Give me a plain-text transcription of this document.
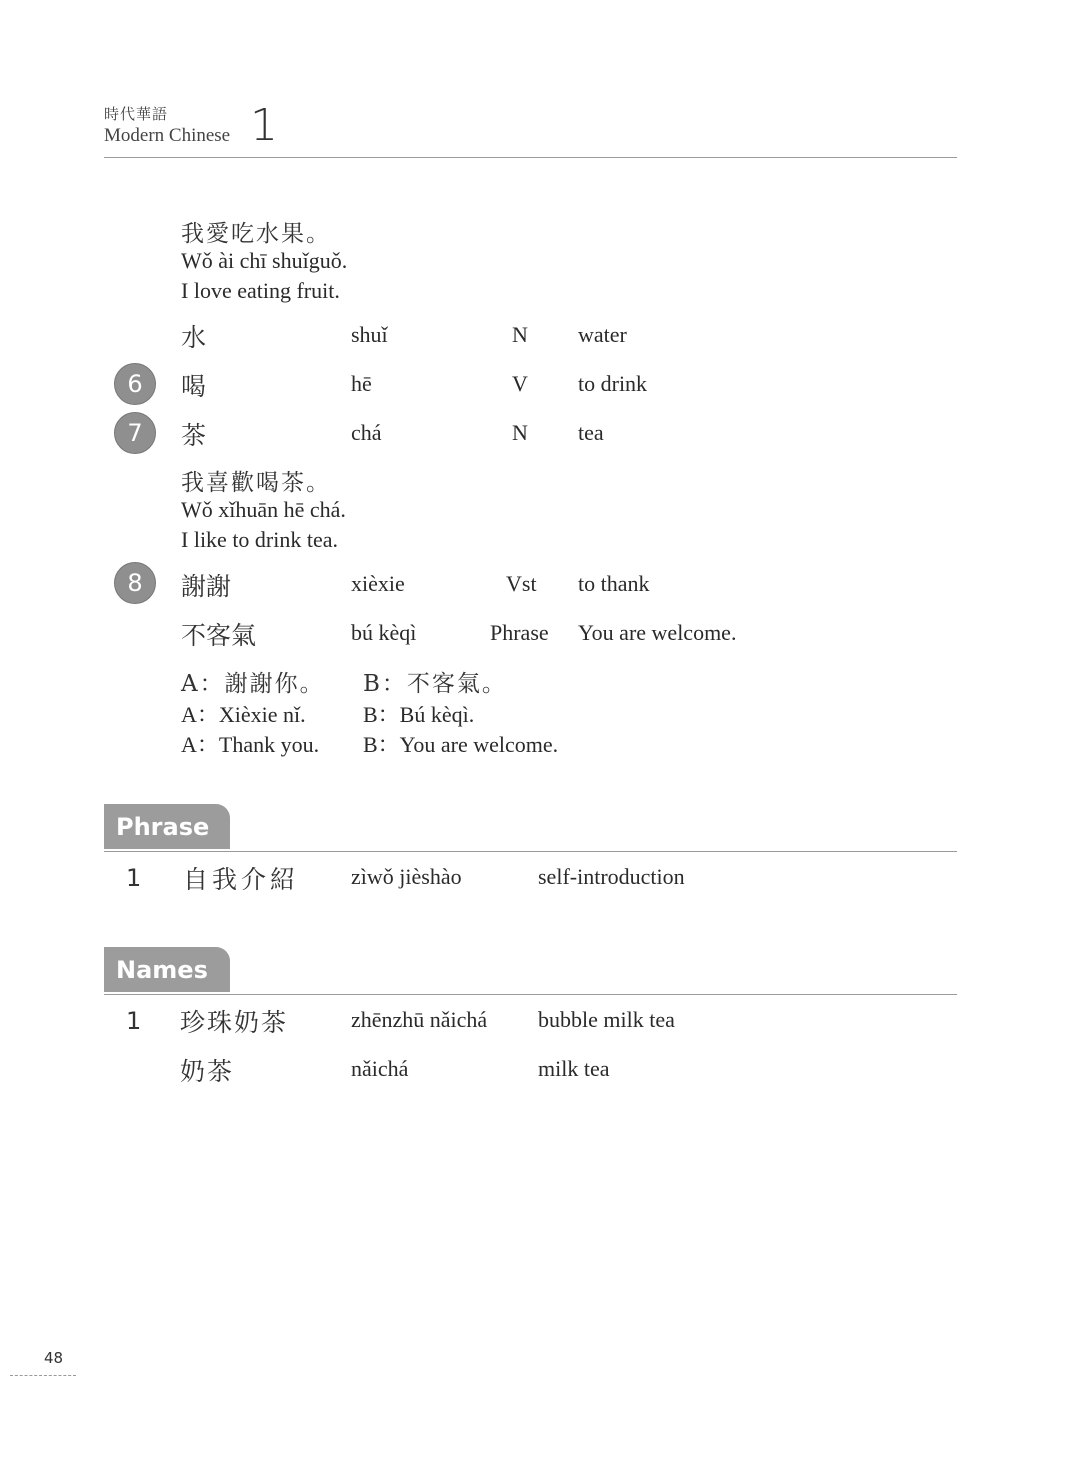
時代華語
Modern Chinese 1
我愛吃水果。
Wǒ ài chī shuǐguǒ.
I love eating fruit.
水	shuǐ	N water
6	喝	hē	V to drink
7	茶	chá	N tea
我喜歡喝茶。
Wǒ xǐhuān hē chá.
I like to drink tea.
8	謝謝	xièxie	Vst to thank
不客氣	bú kèqì	Phrase You are welcome.
A：謝謝你。 B：不客氣。
A：Xièxie nǐ.	B：Bú kèqì.
A：Thank you. B：You are welcome.
Phrase
1 自我介紹 zìwǒ jièshào	self-introduction
Names
1 珍珠奶茶	zhēnzhū nǎichá bubble milk tea
奶茶	nǎichá	milk tea
48
